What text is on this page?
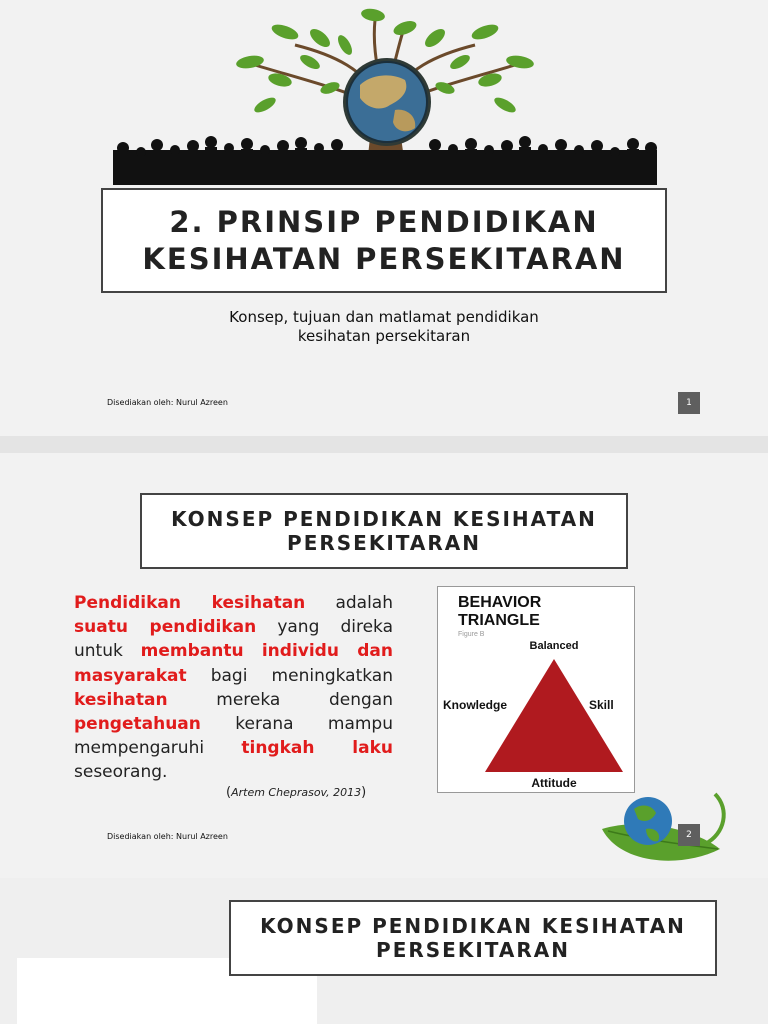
2. PRINSIP PENDIDIKAN
KESIHATAN PERSEKITARAN
Konsep, tujuan dan matlamat pendidikan
kesihatan persekitaran
Disediakan oleh: Nurul Azreen	1
KONSEP PENDIDIKAN KESIHATAN
PERSEKITARAN
Pendidikan kesihatan adalah suatu pendidikan yang direka untuk membantu individu dan masyarakat bagi meningkatkan kesihatan mereka dengan pengetahuan kerana mampu mempengaruhi tingkah laku seseorang.
(Artem Cheprasov, 2013)
BEHAVIOR
TRIANGLE
Figure B
Balanced
Knowledge	Skill
Attitude
Disediakan oleh: Nurul Azreen	2
KONSEP PENDIDIKAN KESIHATAN
PERSEKITARAN
